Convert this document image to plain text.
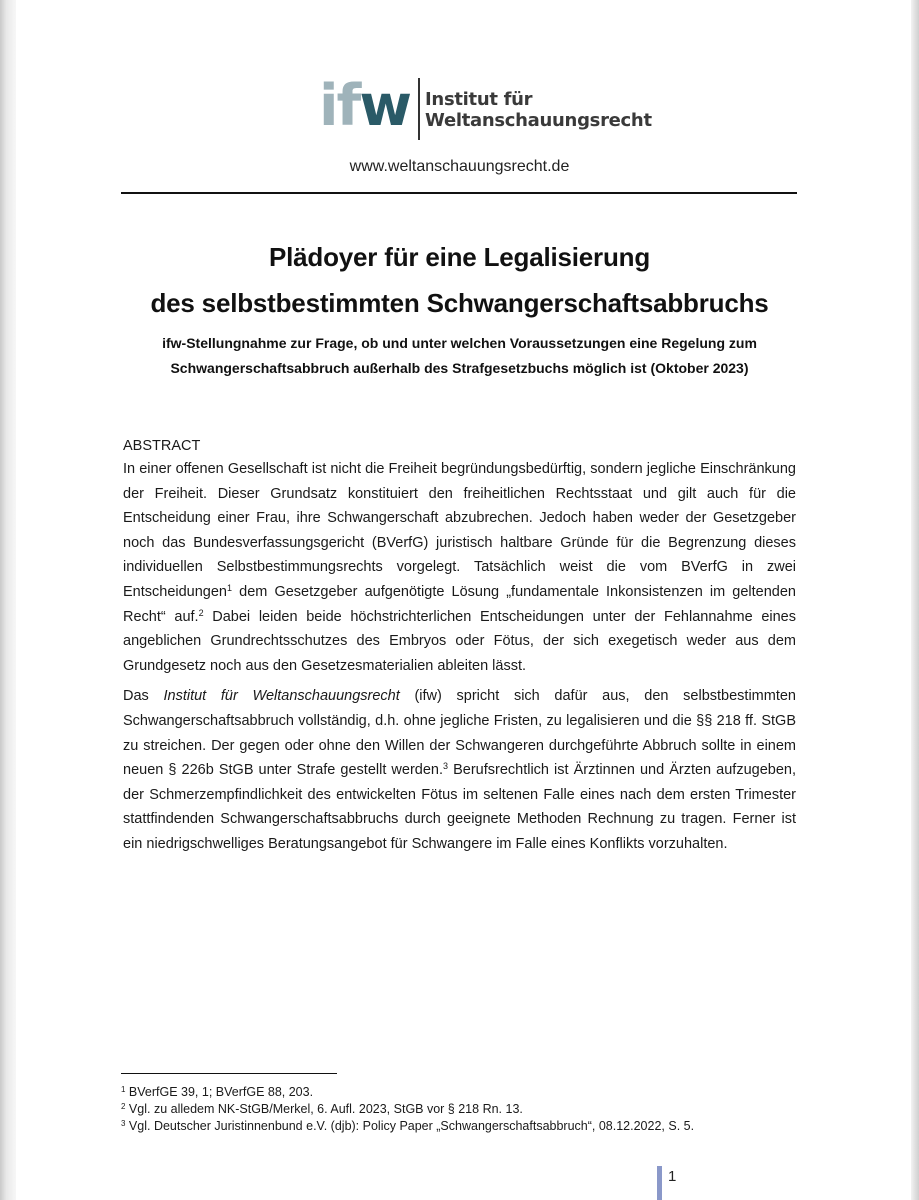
ifw Institut für
Weltanschauungsrecht
www.weltanschauungsrecht.de
Plädoyer für eine Legalisierung
des selbstbestimmten Schwangerschaftsabbruchs
ifw-Stellungnahme zur Frage, ob und unter welchen Voraussetzungen eine Regelung zum
Schwangerschaftsabbruch außerhalb des Strafgesetzbuchs möglich ist (Oktober 2023)

ABSTRACT

In einer offenen Gesellschaft ist nicht die Freiheit begründungsbedürftig, sondern jegliche Einschränkung der Freiheit. Dieser Grundsatz konstituiert den freiheitlichen Rechtsstaat und gilt auch für die Entscheidung einer Frau, ihre Schwangerschaft abzubrechen. Jedoch haben weder der Gesetzgeber noch das Bundesverfassungsgericht (BVerfG) juristisch haltbare Gründe für die Begrenzung dieses individuellen Selbstbestimmungsrechts vorgelegt. Tatsächlich weist die vom BVerfG in zwei Entscheidungen$^1$ dem Gesetzgeber aufgenötigte Lösung „fundamentale Inkonsistenzen im geltenden Recht“ auf.$^2$ Dabei leiden beide höchstrichterlichen Entscheidungen unter der Fehlannahme eines angeblichen Grundrechtsschutzes des Embryos oder Fötus, der sich exegetisch weder aus dem Grundgesetz noch aus den Gesetzesmaterialien ableiten lässt.

Das Institut für Weltanschauungsrecht (ifw) spricht sich dafür aus, den selbstbestimmten Schwangerschaftsabbruch vollständig, d.h. ohne jegliche Fristen, zu legalisieren und die §§ 218 ff. StGB zu streichen. Der gegen oder ohne den Willen der Schwangeren durchgeführte Abbruch sollte in einem neuen § 226b StGB unter Strafe gestellt werden.$^3$ Berufsrechtlich ist Ärztinnen und Ärzten aufzugeben, der Schmerzempfindlichkeit des entwickelten Fötus im seltenen Falle eines nach dem ersten Trimester stattfindenden Schwangerschaftsabbruchs durch geeignete Methoden Rechnung zu tragen. Ferner ist ein niedrigschwelliges Beratungsangebot für Schwangere im Falle eines Konflikts vorzuhalten.

$^1$ BVerfGE 39, 1; BVerfGE 88, 203.
$^2$ Vgl. zu alledem NK-StGB/Merkel, 6. Aufl. 2023, StGB vor § 218 Rn. 13.
$^3$ Vgl. Deutscher Juristinnenbund e.V. (djb): Policy Paper „Schwangerschaftsabbruch“, 08.12.2022, S. 5.
1
